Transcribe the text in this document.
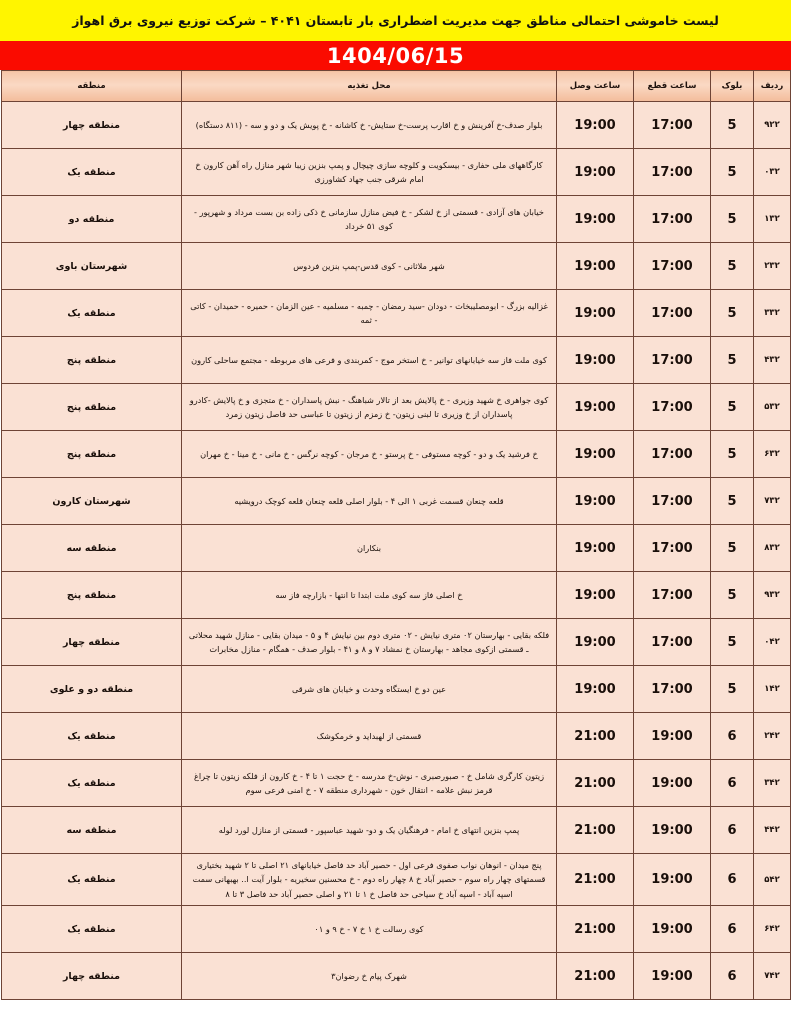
لیست خاموشی احتمالی مناطق جهت مدیریت اضطراری بار تابستان ۱۴۰۴ – شرکت توزیع نیروی برق اهواز
1404/06/15
ردیف	بلوک	ساعت قطع	ساعت وصل	محل تغذیه	منطقه
۲۲۹	5	17:00	19:00	بلوار صدف-خ آفرینش و خ اقارب پرست-خ ستایش- خ کاشانه - خ پویش یک و دو و سه - (۱۱۸ دستگاه)	منطقه چهار
۲۳۰	5	17:00	19:00	کارگاههای ملی حفاری - بیسکویت و کلوچه سازی چیچال و پمپ بنزین زیبا شهر منازل راه آهن کارون خ امام شرقی جنب جهاد کشاورزی	منطقه یک
۲۳۱	5	17:00	19:00	خیابان های آزادی - قسمتی از خ لشکر - خ فیض منازل سازمانی خ ذکی زاده بن بست مرداد و شهرپور - کوی ۱۵ خرداد	منطقه دو
۲۳۲	5	17:00	19:00	شهر ملاثانی - کوی قدس-پمپ بنزین فردوس	شهرستان باوی
۲۳۳	5	17:00	19:00	غزالیه بزرگ - ابومصلیبخات - دودان -سید رمضان - چمبه - مسلمیه - عین الزمان - حمیره - حمیدان - کاتی - ثمه	منطقه یک
۲۳۴	5	17:00	19:00	کوی ملت فاز سه خیابانهای توانیر - خ استخر موج - کمربندی و فرعی های مربوطه - مجتمع ساحلی کارون	منطقه پنج
۲۳۵	5	17:00	19:00	کوی جواهری خ شهید وزیری - خ پالایش بعد از تالار شباهنگ - نبش پاسداران - خ متجزی و خ پالایش -کادرو پاسداران از خ وزیری تا لبنی زیتون- خ زمزم از زیتون تا عباسی حد فاصل زیتون زمرد	منطقه پنج
۲۳۶	5	17:00	19:00	خ فرشید یک و دو - کوچه مستوفی - خ پرستو - خ مرجان - کوچه نرگس - خ مانی - خ مینا - خ مهران	منطقه پنج
۲۳۷	5	17:00	19:00	قلعه چنعان قسمت غربی ۱ الی ۴ - بلوار اصلی قلعه چنعان قلعه کوچک درویشیه	شهرستان کارون
۲۳۸	5	17:00	19:00	بنکاران	منطقه سه
۲۳۹	5	17:00	19:00	خ اصلی فاز سه کوی ملت ابتدا تا انتها - بازارچه فاز سه	منطقه پنج
۲۴۰	5	17:00	19:00	فلکه بقایی - بهارستان ۲۰ متری نیایش - ۲۰ متری دوم بین نیایش ۴ و ۵ - میدان بقایی - منازل شهید محلاتی ـ قسمتی ازکوی مجاهد - بهارستان خ نمشاد ۷ و ۸ و ۱۴ - بلوار صدف - همگام - منازل مخابرات	منطقه چهار
۲۴۱	5	17:00	19:00	عین دو خ ایستگاه وحدت و خیابان های شرقی	منطقه دو و علوی
۲۴۲	6	19:00	21:00	قسمتی از لهبداید و خرمکوشک	منطقه یک
۲۴۳	6	19:00	21:00	زیتون کارگری شامل خ - صبورصبری - نوش-خ مدرسه - خ حجت ۱ تا ۴ - خ کارون از فلکه زیتون تا چراغ قرمز نبش علامه - انتقال خون - شهرداری منطقه ۷ - خ امنی فرعی سوم	منطقه یک
۲۴۴	6	19:00	21:00	پمپ بنزین انتهای خ امام - فرهنگیان یک و دو- شهید عباسپور - قسمتی از منازل لورد لوله	منطقه سه
۲۴۵	6	19:00	21:00	پنج میدان - انوهان نواب صفوی فرعی اول - حصیر آباد حد فاصل خیابانهای ۱۲ اصلی تا ۲ شهید بختیاری قسمتهای چهار راه سوم - حصیر آباد خ ۸ چهار راه دوم - خ محسنین سخیریه - بلوار آیت ا.. بهبهانی سمت اسپه آباد - اسپه آباد خ سیاحی حد فاصل خ ۱ تا ۱۲ و اصلی حصیر آباد حد فاصل ۳ تا ۸	منطقه یک
۲۴۶	6	19:00	21:00	کوی رسالت خ ۱ خ ۷ - خ ۹ و ۱۰	منطقه یک
۲۴۷	6	19:00	21:00	شهرک پیام خ رضوان۳	منطقه چهار
